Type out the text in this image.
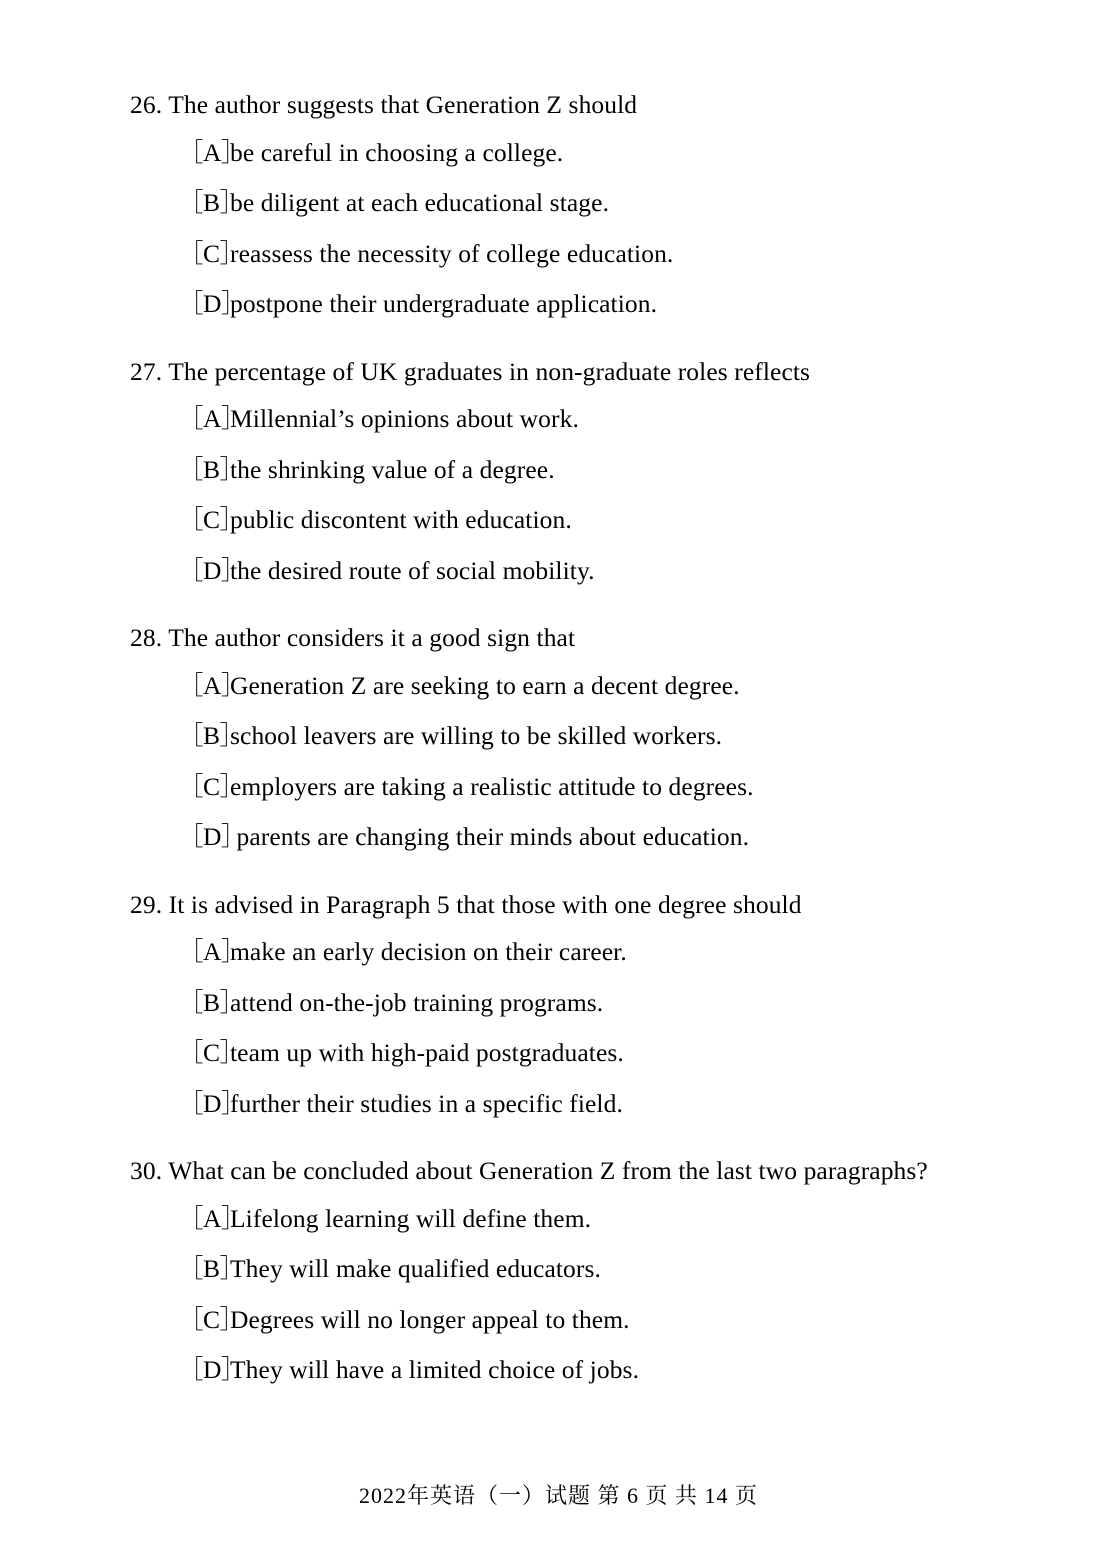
26. The author suggests that Generation Z should
［A］
be careful in choosing a college.
［B］
be diligent at each educational stage.
［C］
reassess the necessity of college education.
［D］
postpone their undergraduate application.
27. The percentage of UK graduates in non-graduate roles reflects
［A］
Millennial’s opinions about work.
［B］
the shrinking value of a degree.
［C］
public discontent with education.
［D］
the desired route of social mobility.
28. The author considers it a good sign that
［A］
Generation Z are seeking to earn a decent degree.
［B］
school leavers are willing to be skilled workers.
［C］
employers are taking a realistic attitude to degrees.
［D］
parents are changing their minds about education.
29. It is advised in Paragraph 5 that those with one degree should
［A］
make an early decision on their career.
［B］
attend on-the-job training programs.
［C］
team up with high-paid postgraduates.
［D］
further their studies in a specific field.
30. What can be concluded about Generation Z from the last two paragraphs?
［A］
Lifelong learning will define them.
［B］
They will make qualified educators.
［C］
Degrees will no longer appeal to them.
［D］
They will have a limited choice of jobs.
2022年英语（一）试题 第 6 页 共 14 页
